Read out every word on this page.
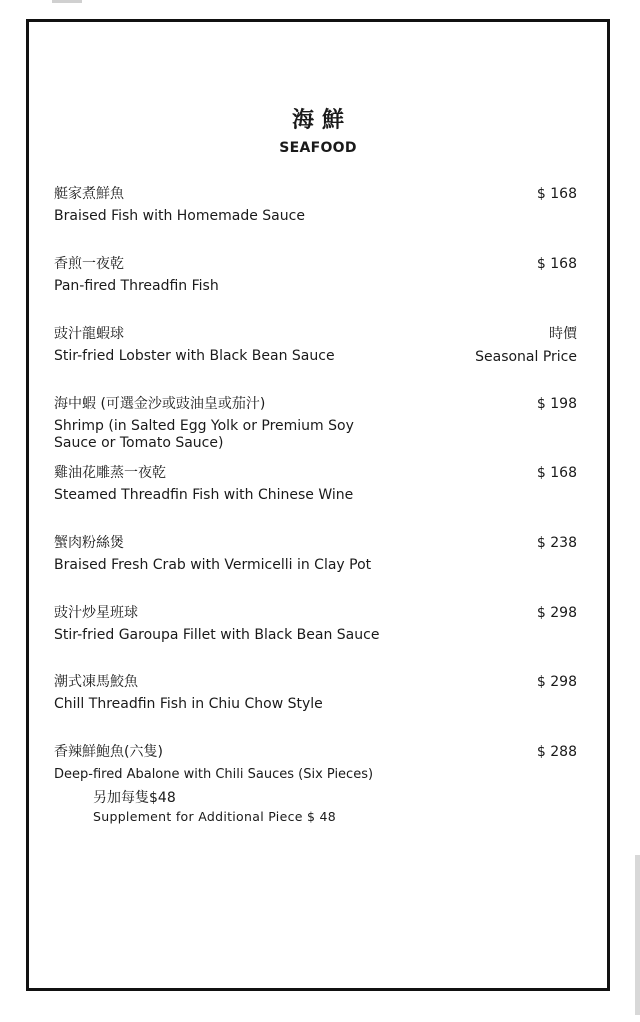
海鮮
SEAFOOD
艇家煮鮮魚
Braised Fish with Homemade Sauce
$ 168
香煎一夜乾
Pan-fired Threadfin Fish
$ 168
豉汁龍蝦球
Stir-fried Lobster with Black Bean Sauce
時價
Seasonal Price
海中蝦 (可選金沙或豉油皇或茄汁)
Shrimp (in Salted Egg Yolk or Premium Soy
Sauce or Tomato Sauce)
$ 198
雞油花雕蒸一夜乾
Steamed Threadfin Fish with Chinese Wine
$ 168
蟹肉粉絲煲
Braised Fresh Crab with Vermicelli in Clay Pot
$ 238
豉汁炒星班球
Stir-fried Garoupa Fillet with Black Bean Sauce
$ 298
潮式凍馬鮫魚
Chill Threadfin Fish in Chiu Chow Style
$ 298
香辣鮮鮑魚(六隻)
Deep-fired Abalone with Chili Sauces (Six Pieces)
$ 288
另加每隻$48
Supplement for Additional Piece $ 48
